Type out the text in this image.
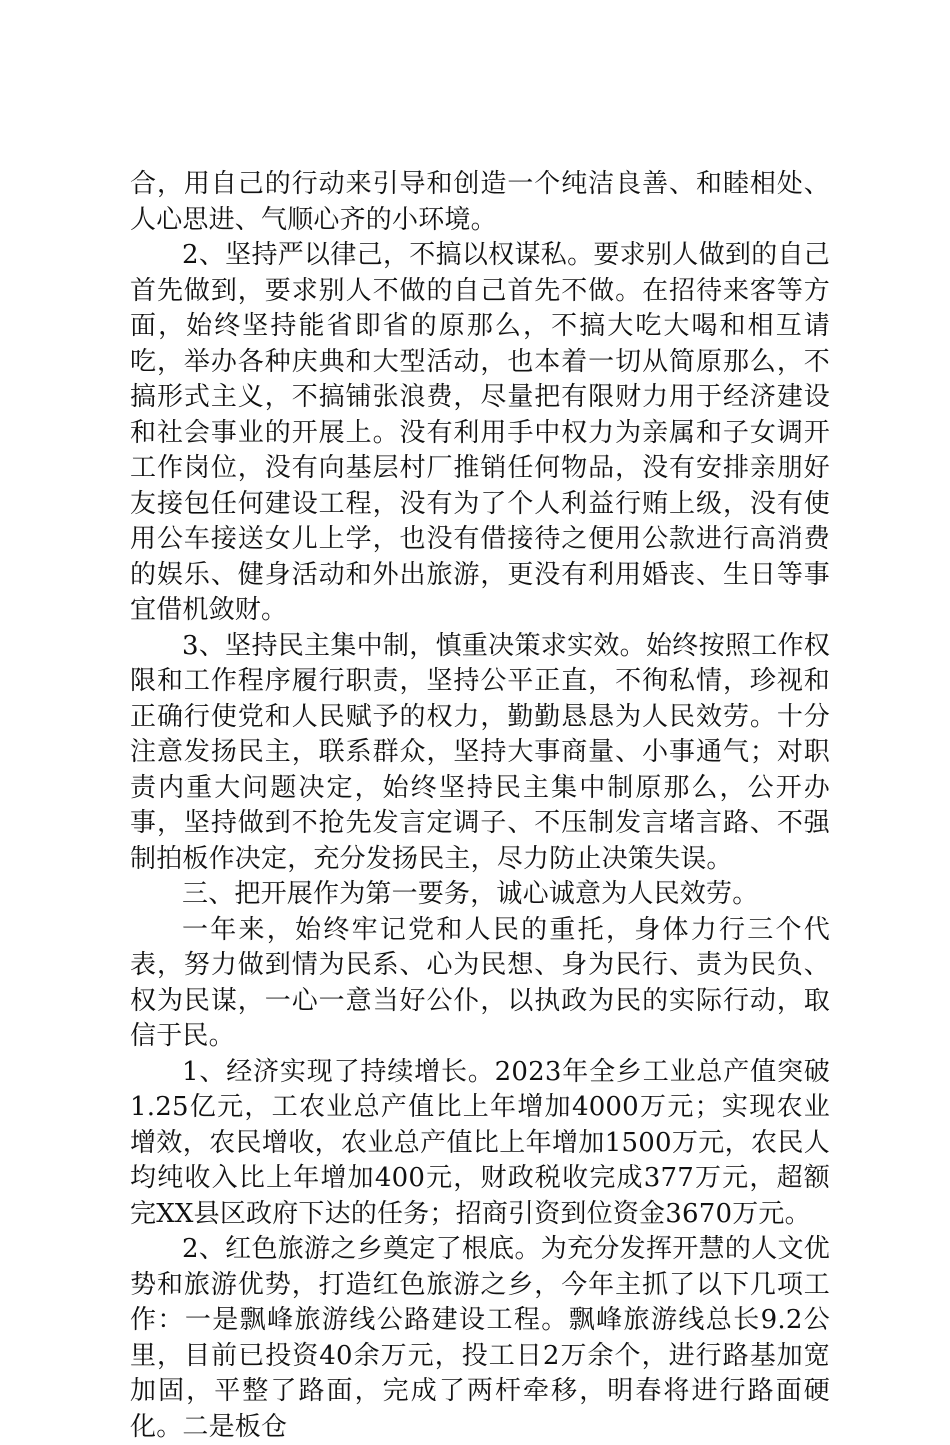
合，用自己的行动来引导和创造一个纯洁良善、和睦相处、人心思进、气顺心齐的小环境。

2、坚持严以律己，不搞以权谋私。要求别人做到的自己首先做到，要求别人不做的自己首先不做。在招待来客等方面，始终坚持能省即省的原那么，不搞大吃大喝和相互请吃，举办各种庆典和大型活动，也本着一切从简原那么，不搞形式主义，不搞铺张浪费，尽量把有限财力用于经济建设和社会事业的开展上。没有利用手中权力为亲属和子女调开工作岗位，没有向基层村厂推销任何物品，没有安排亲朋好友接包任何建设工程，没有为了个人利益行贿上级，没有使用公车接送女儿上学，也没有借接待之便用公款进行高消费的娱乐、健身活动和外出旅游，更没有利用婚丧、生日等事宜借机敛财。

3、坚持民主集中制，慎重决策求实效。始终按照工作权限和工作程序履行职责，坚持公平正直，不徇私情，珍视和正确行使党和人民赋予的权力，勤勤恳恳为人民效劳。十分注意发扬民主，联系群众，坚持大事商量、小事通气；对职责内重大问题决定，始终坚持民主集中制原那么，公开办事，坚持做到不抢先发言定调子、不压制发言堵言路、不强制拍板作决定，充分发扬民主，尽力防止决策失误。

三、把开展作为第一要务，诚心诚意为人民效劳。

一年来，始终牢记党和人民的重托，身体力行三个代表，努力做到情为民系、心为民想、身为民行、责为民负、权为民谋，一心一意当好公仆，以执政为民的实际行动，取信于民。

1、经济实现了持续增长。2023年全乡工业总产值突破1.25亿元，工农业总产值比上年增加4000万元；实现农业增效，农民增收，农业总产值比上年增加1500万元，农民人均纯收入比上年增加400元，财政税收完成377万元，超额完XX县区政府下达的任务；招商引资到位资金3670万元。

2、红色旅游之乡奠定了根底。为充分发挥开慧的人文优势和旅游优势，打造红色旅游之乡，今年主抓了以下几项工作：一是飘峰旅游线公路建设工程。飘峰旅游线总长9.2公里，目前已投资40余万元，投工日2万余个，进行路基加宽加固，平整了路面，完成了两杆牵移，明春将进行路面硬化。二是板仓
